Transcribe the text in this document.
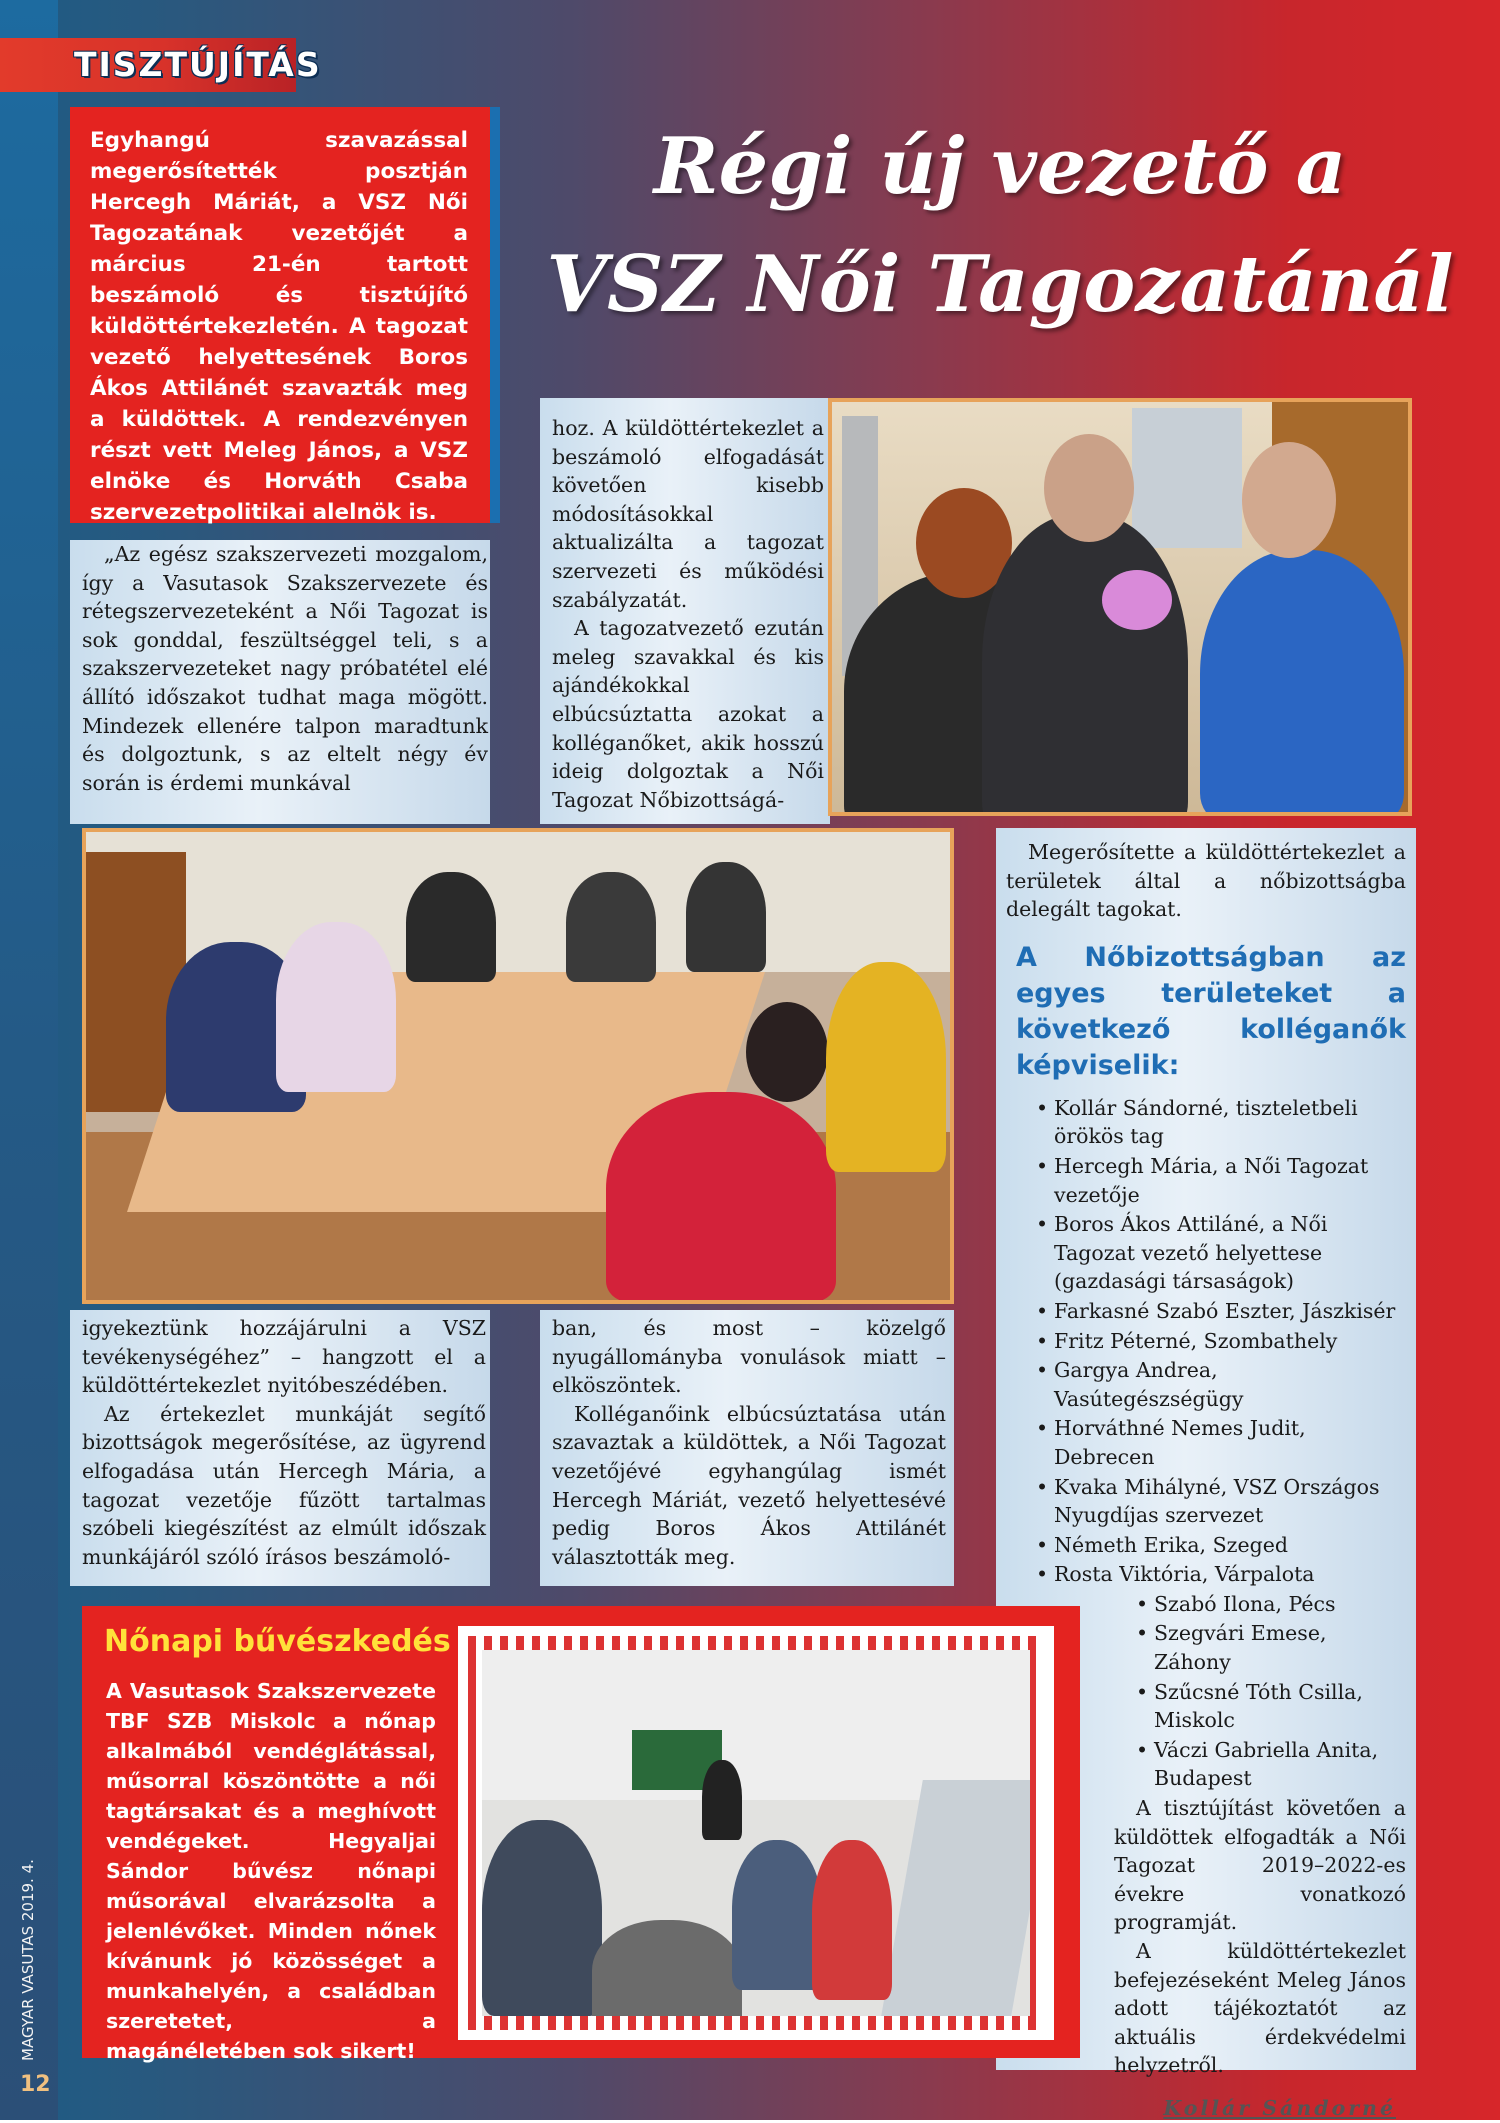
TISZTÚJÍTÁS

Egyhangú szavazással megerősítették posztján Hercegh Máriát, a VSZ Női Tagozatának vezetőjét a március 21-én tartott beszámoló és tisztújító küldöttértekezletén. A tagozat vezető helyettesének Boros Ákos Attilánét szavazták meg a küldöttek. A rendezvényen részt vett Meleg János, a VSZ elnöke és Horváth Csaba szervezetpolitikai alelnök is.

Régi új vezető a
VSZ Női Tagozatánál

„Az egész szakszervezeti mozgalom, így a Vasutasok Szakszervezete és rétegszervezeteként a Női Tagozat is sok gonddal, feszültséggel teli, s a szakszervezeteket nagy próbatétel elé állító időszakot tudhat maga mögött. Mindezek ellenére talpon maradtunk és dolgoztunk, s az eltelt négy év során is érdemi munkával

hoz. A küldöttértekezlet a beszámoló elfogadását követően kisebb módosításokkal aktualizálta a tagozat szervezeti és működési szabályzatát.

A tagozatvezető ezután meleg szavakkal és kis ajándékokkal elbúcsúztatta azokat a kolléganőket, akik hosszú ideig dolgoztak a Női Tagozat Nőbizottságá-

igyekeztünk hozzájárulni a VSZ tevékenységéhez” – hangzott el a küldöttértekezlet nyitóbeszédében.

Az értekezlet munkáját segítő bizottságok megerősítése, az ügyrend elfogadása után Hercegh Mária, a tagozat vezetője fűzött tartalmas szóbeli kiegészítést az elmúlt időszak munkájáról szóló írásos beszámoló-

ban, és most – közelgő nyugállományba vonulások miatt – elköszöntek.

Kolléganőink elbúcsúztatása után szavaztak a küldöttek, a Női Tagozat vezetőjévé egyhangúlag ismét Hercegh Máriát, vezető helyettesévé pedig Boros Ákos Attilánét választották meg.

Megerősítette a küldöttértekezlet a területek által a nőbizottságba delegált tagokat.

A Nőbizottságban az egyes területeket a következő kolléganők képviselik:
• Kollár Sándorné, tiszteletbeli örökös tag
• Hercegh Mária, a Női Tagozat vezetője
• Boros Ákos Attiláné, a Női Tagozat vezető helyettese (gazdasági társaságok)
• Farkasné Szabó Eszter, Jászkisér
• Fritz Péterné, Szombathely
• Gargya Andrea, Vasútegészségügy
• Horváthné Nemes Judit, Debrecen
• Kvaka Mihályné, VSZ Országos Nyugdíjas szervezet
• Németh Erika, Szeged
• Rosta Viktória, Várpalota
• Szabó Ilona, Pécs
• Szegvári Emese, Záhony
• Szűcsné Tóth Csilla, Miskolc
• Váczi Gabriella Anita, Budapest

A tisztújítást követően a küldöttek elfogadták a Női Tagozat 2019–2022-es évekre vonatkozó programját.

A küldöttértekezlet befejezéseként Meleg János adott tájékoztatót az aktuális érdekvédelmi helyzetről.

Kollár Sándorné
Nőnapi bűvészkedés

A Vasutasok Szakszervezete TBF SZB Miskolc a nőnap alkalmából vendéglátással, műsorral köszöntötte a női tagtársakat és a meghívott vendégeket. Hegyaljai Sándor bűvész nőnapi műsorával elvarázsolta a jelenlévőket. Minden nőnek kívánunk jó közösséget a munkahelyén, a családban szeretetet, a magánéletében sok sikert!

MAGYAR VASUTAS 2019. 4.
12
